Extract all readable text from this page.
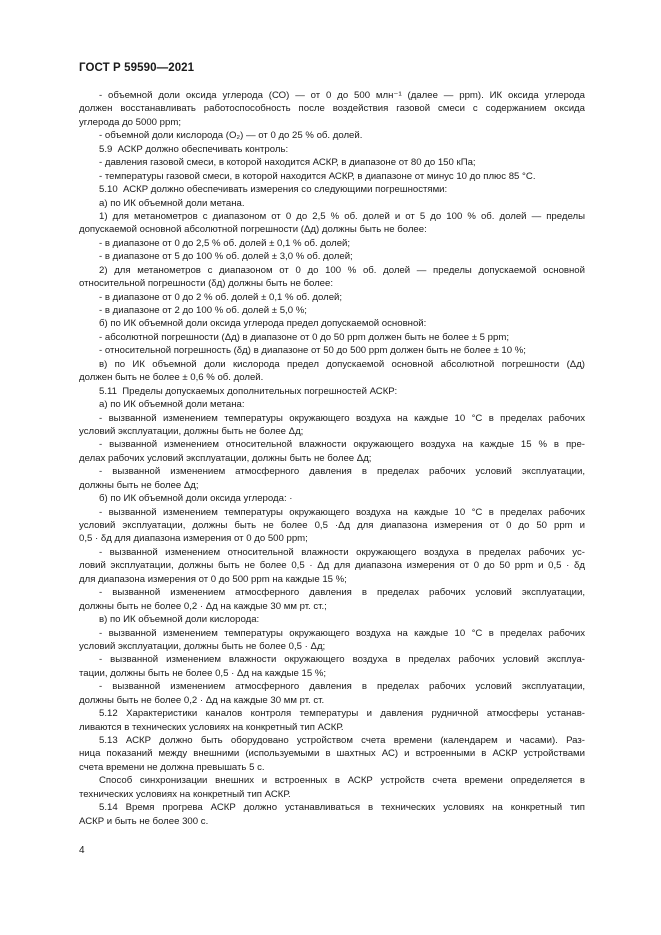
ГОСТ Р 59590—2021
- объемной доли оксида углерода (СО) — от 0 до 500 млн⁻¹ (далее — ppm). ИК оксида углерода
должен восстанавливать работоспособность после воздействия газовой смеси с содержанием оксида
углерода до 5000 ppm;
- объемной доли кислорода (O₂) — от 0 до 25 % об. долей.
5.9  АСКР должно обеспечивать контроль:
- давления газовой смеси, в которой находится АСКР, в диапазоне от 80 до 150 кПа;
- температуры газовой смеси, в которой находится АСКР, в диапазоне от минус 10 до плюс 85 °С.
5.10  АСКР должно обеспечивать измерения со следующими погрешностями:
а) по ИК объемной доли метана.
1) для метанометров с диапазоном от 0 до 2,5 % об. долей и от 5 до 100 % об. долей — пределы
допускаемой основной абсолютной погрешности (Δд) должны быть не более:
- в диапазоне от 0 до 2,5 % об. долей ± 0,1 % об. долей;
- в диапазоне от 5 до 100 % об. долей ± 3,0 % об. долей;
2) для метанометров с диапазоном от 0 до 100 % об. долей — пределы допускаемой основной
относительной погрешности (δд) должны быть не более:
- в диапазоне от 0 до 2 % об. долей ± 0,1 % об. долей;
- в диапазоне от 2 до 100 % об. долей ± 5,0 %;
б) по ИК объемной доли оксида углерода предел допускаемой основной:
- абсолютной погрешности (Δд) в диапазоне от 0 до 50 ppm должен быть не более ± 5 ppm;
- относительной погрешность (δд) в диапазоне от 50 до 500 ppm должен быть не более ± 10 %;
в) по ИК объемной доли кислорода предел допускаемой основной абсолютной погрешности (Δд)
должен быть не более ± 0,6 % об. долей.
5.11  Пределы допускаемых дополнительных погрешностей АСКР:
а) по ИК объемной доли метана:
- вызванной изменением температуры окружающего воздуха на каждые 10 °С в пределах рабочих
условий эксплуатации, должны быть не более Δд;
- вызванной изменением относительной влажности окружающего воздуха на каждые 15 % в пре-
делах рабочих условий эксплуатации, должны быть не более Δд;
- вызванной изменением атмосферного давления в пределах рабочих условий эксплуатации,
должны быть не более Δд;
б) по ИК объемной доли оксида углерода: ·
- вызванной изменением температуры окружающего воздуха на каждые 10 °С в пределах рабочих
условий эксплуатации, должны быть не более 0,5 ·Δд для диапазона измерения от 0 до 50 ppm и
0,5 · δд для диапазона измерения от 0 до 500 ppm;
- вызванной изменением относительной влажности окружающего воздуха в пределах рабочих ус-
ловий эксплуатации, должны быть не более 0,5 · Δд для диапазона измерения от 0 до 50 ppm и 0,5 · δд
для диапазона измерения от 0 до 500 ppm на каждые 15 %;
- вызванной изменением атмосферного давления в пределах рабочих условий эксплуатации,
должны быть не более 0,2 · Δд на каждые 30 мм рт. ст.;
в) по ИК объемной доли кислорода:
- вызванной изменением температуры окружающего воздуха на каждые 10 °С в пределах рабочих
условий эксплуатации, должны быть не более 0,5 · Δд;
- вызванной изменением влажности окружающего воздуха в пределах рабочих условий эксплуа-
тации, должны быть не более 0,5 · Δд на каждые 15 %;
- вызванной изменением атмосферного давления в пределах рабочих условий эксплуатации,
должны быть не более 0,2 · Δд на каждые 30 мм рт. ст.
5.12 Характеристики каналов контроля температуры и давления рудничной атмосферы устанав-
ливаются в технических условиях на конкретный тип АСКР.
5.13 АСКР должно быть оборудовано устройством счета времени (календарем и часами). Раз-
ница показаний между внешними (используемыми в шахтных АС) и встроенными в АСКР устройствами
счета времени не должна превышать 5 с.
Способ синхронизации внешних и встроенных в АСКР устройств счета времени определяется в
технических условиях на конкретный тип АСКР.
5.14 Время прогрева АСКР должно устанавливаться в технических условиях на конкретный тип
АСКР и быть не более 300 с.
4
